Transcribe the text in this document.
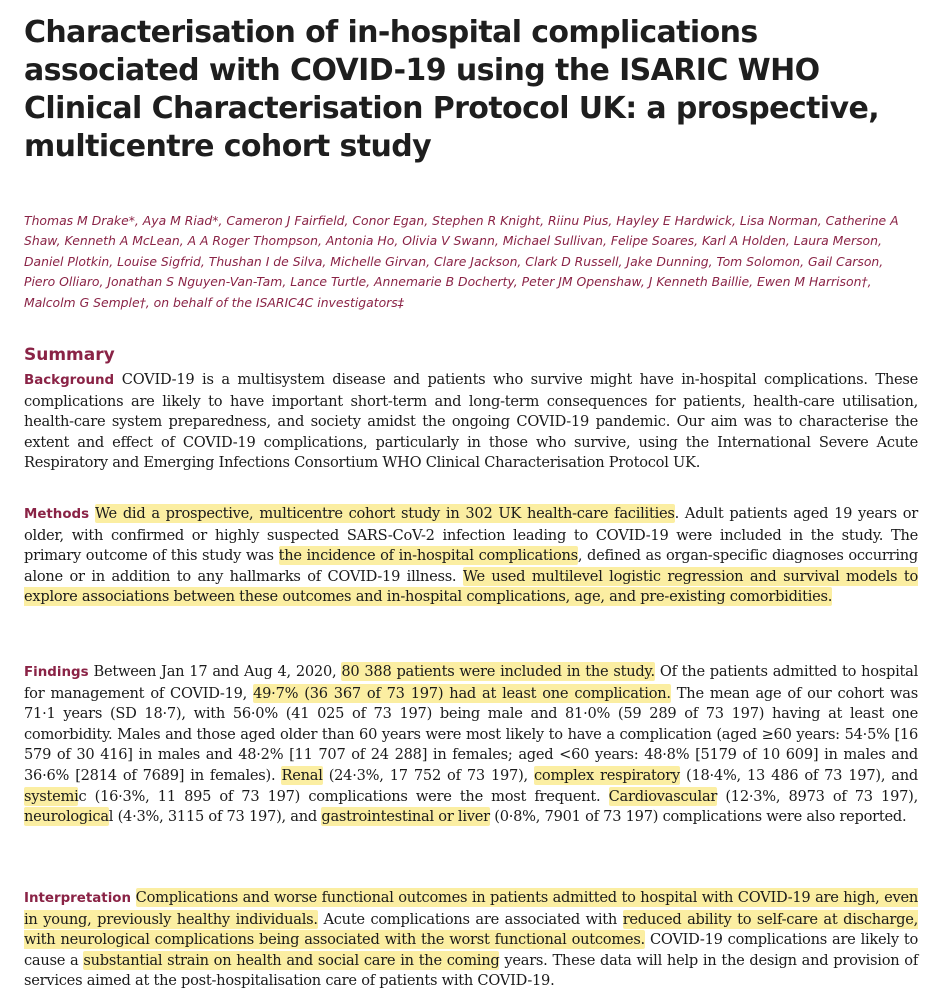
Characterisation of in-hospital complications associated with COVID-19 using the ISARIC WHO Clinical Characterisation Protocol UK: a prospective, multicentre cohort study
Thomas M Drake*, Aya M Riad*, Cameron J Fairfield, Conor Egan, Stephen R Knight, Riinu Pius, Hayley E Hardwick, Lisa Norman, Catherine A Shaw, Kenneth A McLean, A A Roger Thompson, Antonia Ho, Olivia V Swann, Michael Sullivan, Felipe Soares, Karl A Holden, Laura Merson, Daniel Plotkin, Louise Sigfrid, Thushan I de Silva, Michelle Girvan, Clare Jackson, Clark D Russell, Jake Dunning, Tom Solomon, Gail Carson, Piero Olliaro, Jonathan S Nguyen-Van-Tam, Lance Turtle, Annemarie B Docherty, Peter JM Openshaw, J Kenneth Baillie, Ewen M Harrison†, Malcolm G Semple†, on behalf of the ISARIC4C investigators‡
Summary

Background COVID-19 is a multisystem disease and patients who survive might have in-hospital complications. These complications are likely to have important short-term and long-term consequences for patients, health-care utilisation, health-care system preparedness, and society amidst the ongoing COVID-19 pandemic. Our aim was to characterise the extent and effect of COVID-19 complications, particularly in those who survive, using the International Severe Acute Respiratory and Emerging Infections Consortium WHO Clinical Characterisation Protocol UK.

Methods We did a prospective, multicentre cohort study in 302 UK health-care facilities. Adult patients aged 19 years or older, with confirmed or highly suspected SARS-CoV-2 infection leading to COVID-19 were included in the study. The primary outcome of this study was the incidence of in-hospital complications, defined as organ-specific diagnoses occurring alone or in addition to any hallmarks of COVID-19 illness. We used multilevel logistic regression and survival models to explore associations between these outcomes and in-hospital complications, age, and pre-existing comorbidities.

Findings Between Jan 17 and Aug 4, 2020, 80 388 patients were included in the study. Of the patients admitted to hospital for management of COVID-19, 49·7% (36 367 of 73 197) had at least one complication. The mean age of our cohort was 71·1 years (SD 18·7), with 56·0% (41 025 of 73 197) being male and 81·0% (59 289 of 73 197) having at least one comorbidity. Males and those aged older than 60 years were most likely to have a complication (aged ≥60 years: 54·5% [16 579 of 30 416] in males and 48·2% [11 707 of 24 288] in females; aged <60 years: 48·8% [5179 of 10 609] in males and 36·6% [2814 of 7689] in females). Renal (24·3%, 17 752 of 73 197), complex respiratory (18·4%, 13 486 of 73 197), and systemic (16·3%, 11 895 of 73 197) complications were the most frequent. Cardiovascular (12·3%, 8973 of 73 197), neurological (4·3%, 3115 of 73 197), and gastrointestinal or liver (0·8%, 7901 of 73 197) complications were also reported.

Interpretation Complications and worse functional outcomes in patients admitted to hospital with COVID-19 are high, even in young, previously healthy individuals. Acute complications are associated with reduced ability to self-care at discharge, with neurological complications being associated with the worst functional outcomes. COVID-19 complications are likely to cause a substantial strain on health and social care in the coming years. These data will help in the design and provision of services aimed at the post-hospitalisation care of patients with COVID-19.
